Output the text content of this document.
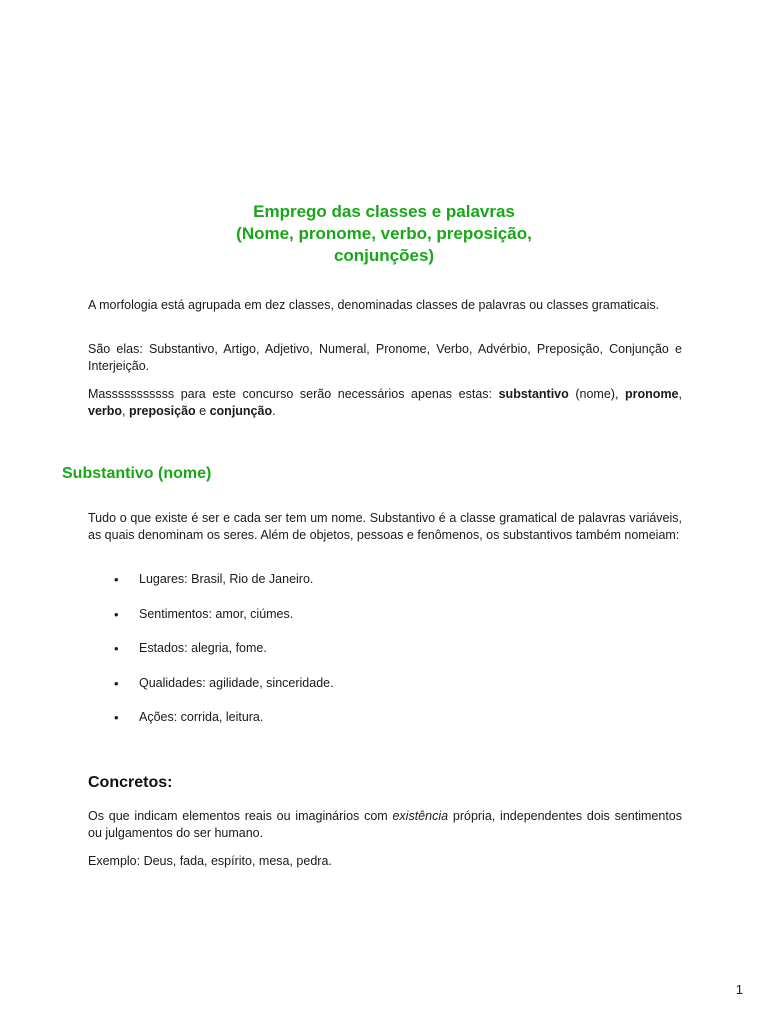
Emprego das classes e palavras
(Nome, pronome, verbo, preposição,
conjunções)

A morfologia está agrupada em dez classes, denominadas classes de palavras ou classes gramaticais.

São elas: Substantivo, Artigo, Adjetivo, Numeral, Pronome, Verbo, Advérbio, Preposição, Conjunção e Interjeição.

Masssssssssss para este concurso serão necessários apenas estas: substantivo (nome), pronome, verbo, preposição e conjunção.

Substantivo (nome)

Tudo o que existe é ser e cada ser tem um nome. Substantivo é a classe gramatical de palavras variáveis, as quais denominam os seres. Além de objetos, pessoas e fenômenos, os substantivos também nomeiam:

• Lugares: Brasil, Rio de Janeiro.
• Sentimentos: amor, ciúmes.
• Estados: alegria, fome.
• Qualidades: agilidade, sinceridade.
• Ações: corrida, leitura.
Concretos:

Os que indicam elementos reais ou imaginários com existência própria, independentes dois sentimentos ou julgamentos do ser humano.

Exemplo: Deus, fada, espírito, mesa, pedra.

1
